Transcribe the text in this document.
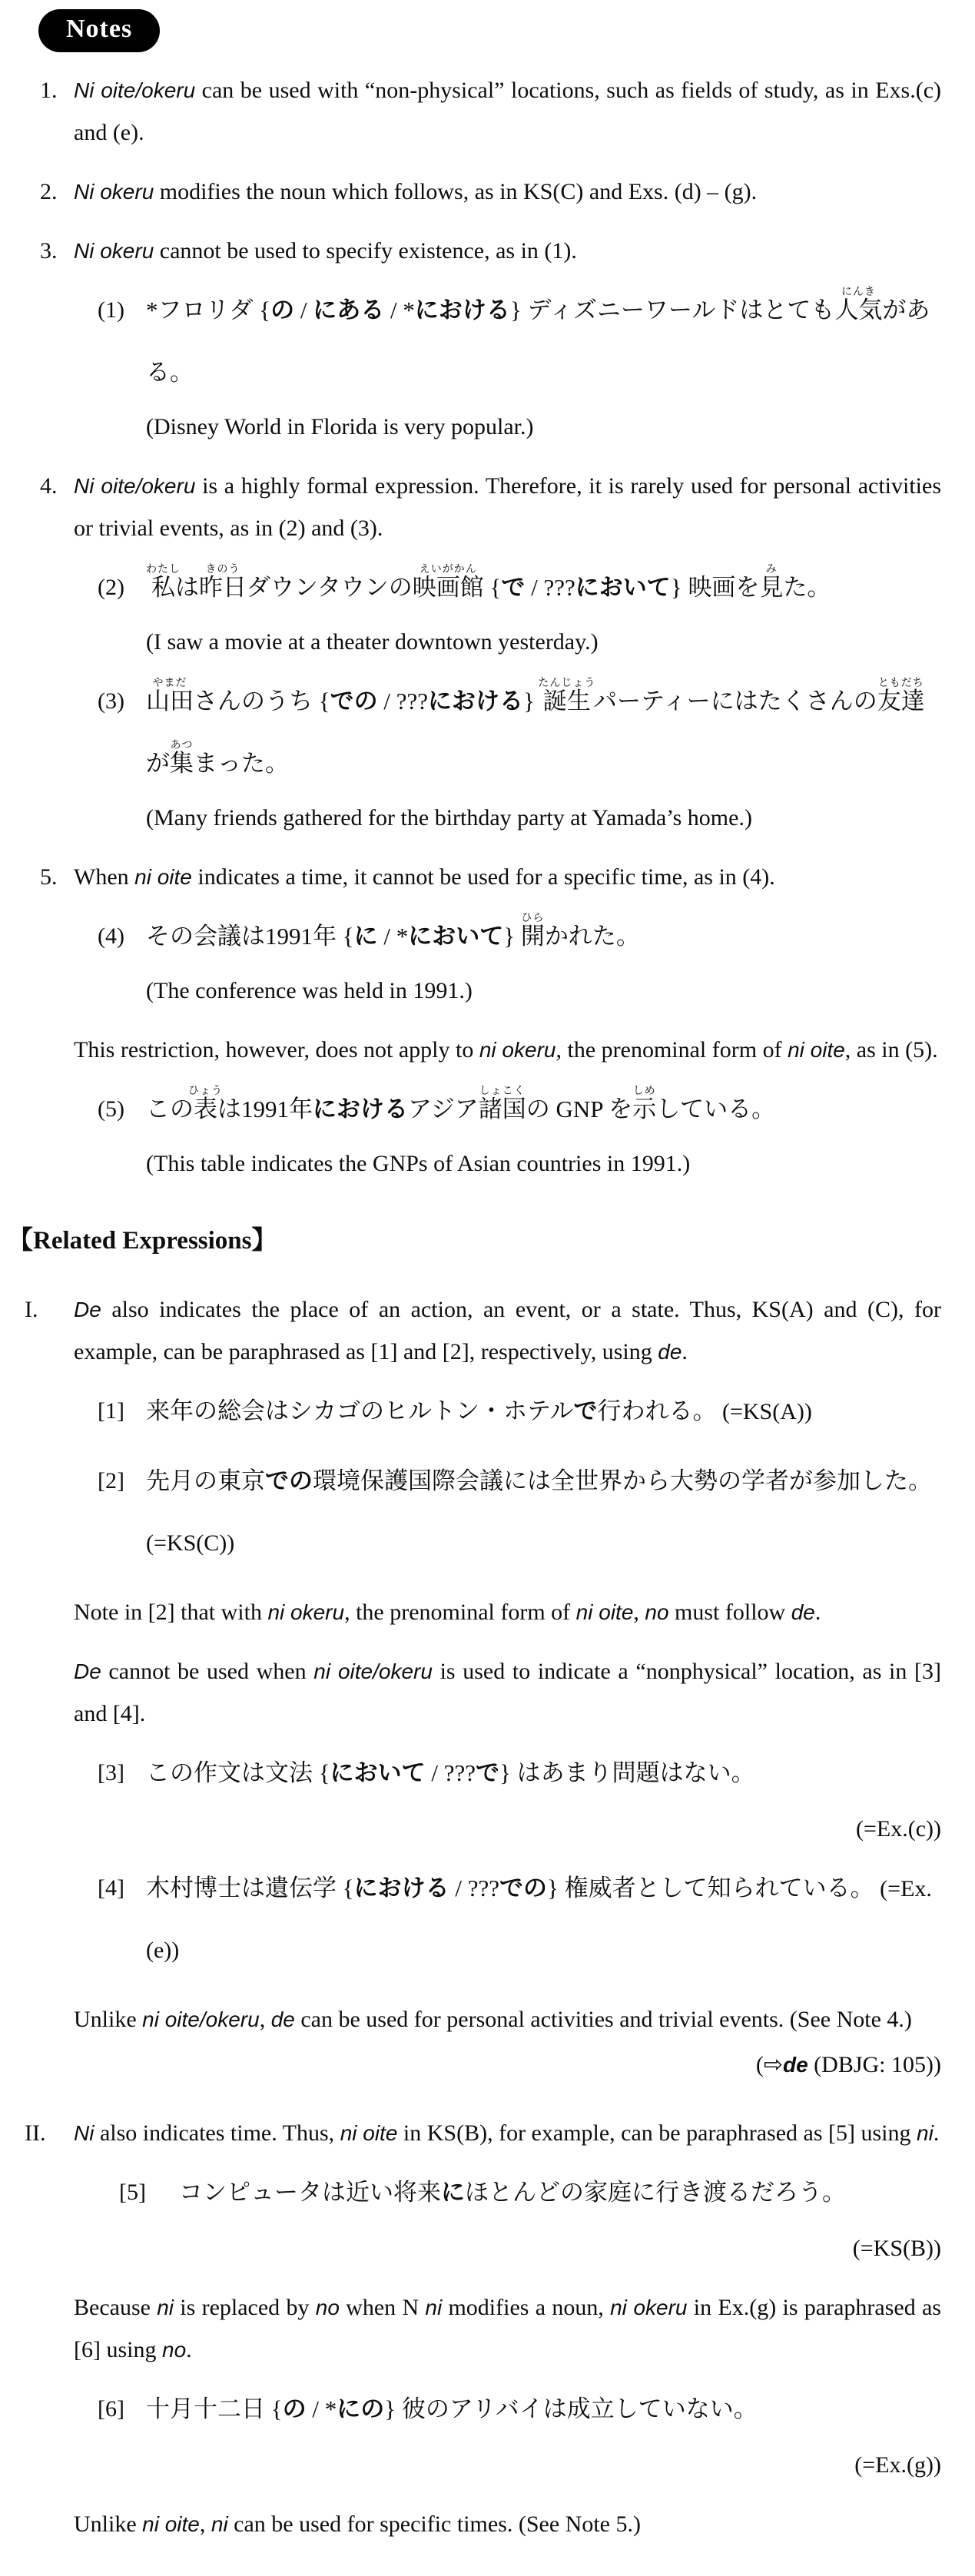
Notes
1. Ni oite/okeru can be used with “non-physical” locations, such as fields of study, as in Exs.(c) and (e).
2. Ni okeru modifies the noun which follows, as in KS(C) and Exs. (d) – (g).
3. Ni okeru cannot be used to specify existence, as in (1).
(1) *フロリダ {の / にある / *における} ディズニーワールドはとても人気にんきがある。
(Disney World in Florida is very popular.)
4. Ni oite/okeru is a highly formal expression. Therefore, it is rarely used for personal activities or trivial events, as in (2) and (3).
(2) 私わたしは昨日きのうダウンタウンの映画館えいがかん {で / ???において} 映画を見みた。
(I saw a movie at a theater downtown yesterday.)
(3) 山田やまださんのうち {での / ???における} 誕生たんじょうパーティーにはたくさんの友達ともだちが集あつまった。
(Many friends gathered for the birthday party at Yamada’s home.)
5. When ni oite indicates a time, it cannot be used for a specific time, as in (4).
(4) その会議は1991年 {に / *において} 開ひらかれた。
(The conference was held in 1991.)
This restriction, however, does not apply to ni okeru, the prenominal form of ni oite, as in (5).
(5) この表ひょうは1991年におけるアジア諸国しょこくの GNP を示しめしている。
(This table indicates the GNPs of Asian countries in 1991.)
【Related Expressions】
I. De also indicates the place of an action, an event, or a state. Thus, KS(A) and (C), for example, can be paraphrased as [1] and [2], respectively, using de.
[1] 来年の総会はシカゴのヒルトン・ホテルで行われる。 (=KS(A))
[2] 先月の東京での環境保護国際会議には全世界から大勢の学者が参加した。 (=KS(C))
Note in [2] that with ni okeru, the prenominal form of ni oite, no must follow de.
De cannot be used when ni oite/okeru is used to indicate a “nonphysical” location, as in [3] and [4].
[3] この作文は文法 {において / ???で} はあまり問題はない。
(=Ex.(c))
[4] 木村博士は遺伝学 {における / ???での} 権威者として知られている。 (=Ex.(e))
Unlike ni oite/okeru, de can be used for personal activities and trivial events. (See Note 4.)
(⇨de (DBJG: 105))
II. Ni also indicates time. Thus, ni oite in KS(B), for example, can be paraphrased as [5] using ni.
[5] コンピュータは近い将来にほとんどの家庭に行き渡るだろう。
(=KS(B))
Because ni is replaced by no when N ni modifies a noun, ni okeru in Ex.(g) is paraphrased as [6] using no.
[6] 十月十二日 {の / *にの} 彼のアリバイは成立していない。
(=Ex.(g))
Unlike ni oite, ni can be used for specific times. (See Note 5.)
